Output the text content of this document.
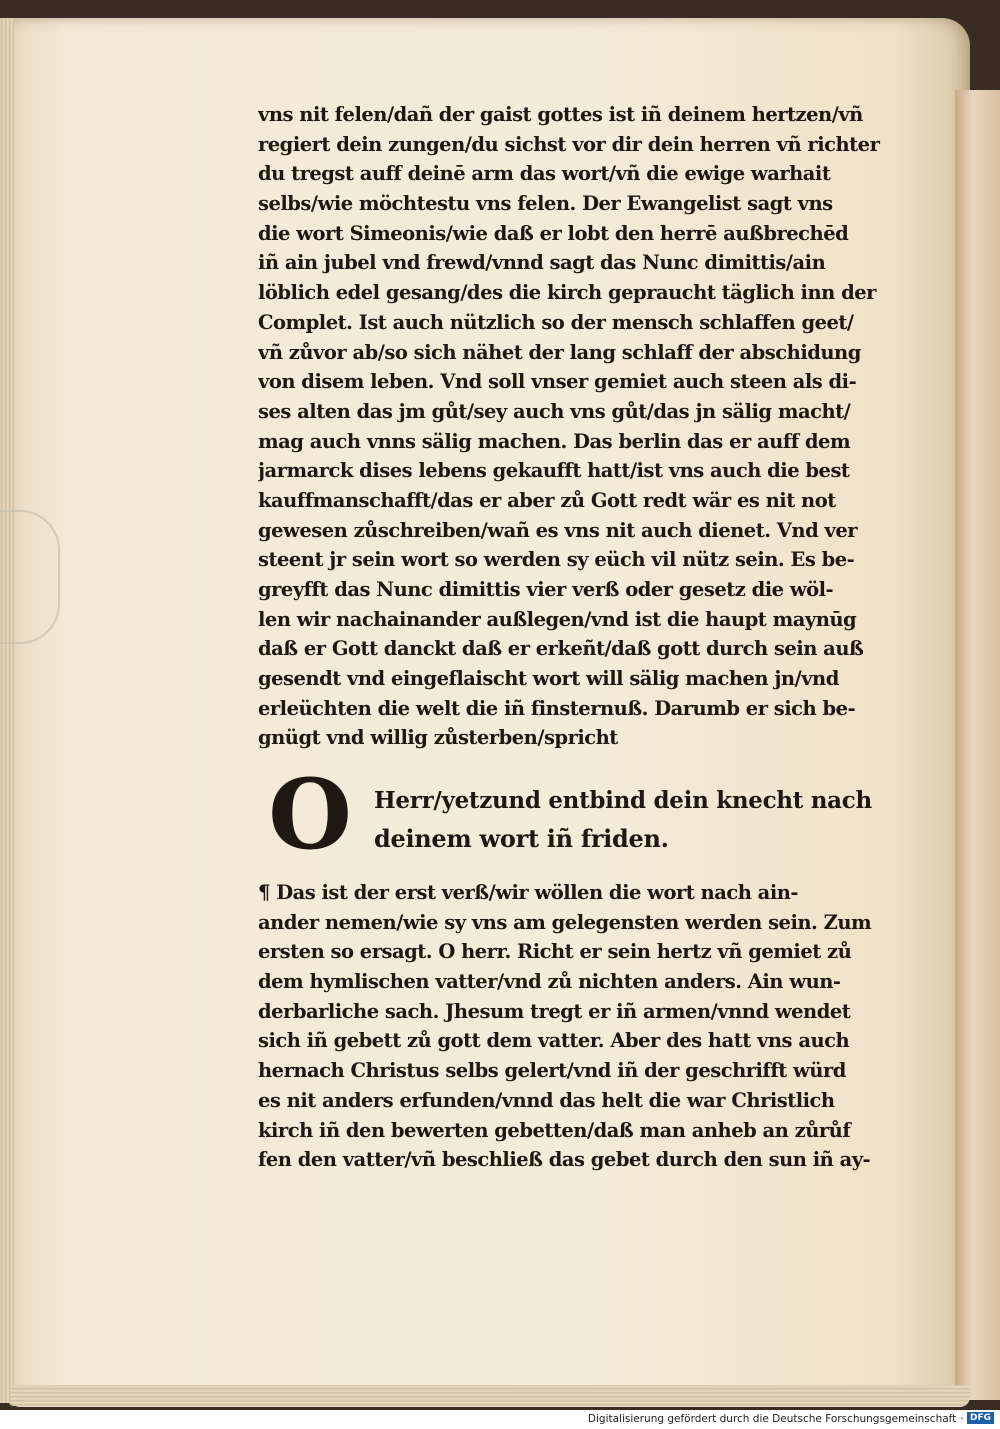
vns nit felen/dañ der gaist gottes ist iñ deinem hertzen/vñ
regiert dein zungen/du sichst vor dir dein herren vñ richter
du tregst auff deinē arm das wort/vñ die ewige warhait
selbs/wie möchtestu vns felen. Der Ewangelist sagt vns
die wort Simeonis/wie daß er lobt den herrē außbrechēd
iñ ain jubel vnd frewd/vnnd sagt das Nunc dimittis/ain
löblich edel gesang/des die kirch gepraucht täglich inn der
Complet. Ist auch nützlich so der mensch schlaffen geet/
vñ zůvor ab/so sich nähet der lang schlaff der abschidung
von disem leben. Vnd soll vnser gemiet auch steen als di-
ses alten das jm gůt/sey auch vns gůt/das jn sälig macht/
mag auch vnns sälig machen. Das berlin das er auff dem
jarmarck dises lebens gekaufft hatt/ist vns auch die best
kauffmanschafft/das er aber zů Gott redt wär es nit not
gewesen zůschreiben/wañ es vns nit auch dienet. Vnd ver
steent jr sein wort so werden sy eüch vil nütz sein. Es be-
greyfft das Nunc dimittis vier verß oder gesetz die wöl-
len wir nachainander außlegen/vnd ist die haupt maynūg
daß er Gott danckt daß er erkeñt/daß gott durch sein auß
gesendt vnd eingeflaischt wort will sälig machen jn/vnd
erleüchten die welt die iñ finsternuß. Darumb er sich be-
gnügt vnd willig zůsterben/spricht
O Herr/yetzund entbind dein knecht nach
deinem wort iñ friden.
¶ Das ist der erst verß/wir wöllen die wort nach ain-
ander nemen/wie sy vns am gelegensten werden sein. Zum
ersten so ersagt. O herr. Richt er sein hertz vñ gemiet zů
dem hymlischen vatter/vnd zů nichten anders. Ain wun-
derbarliche sach. Jhesum tregt er iñ armen/vnnd wendet
sich iñ gebett zů gott dem vatter. Aber des hatt vns auch
hernach Christus selbs gelert/vnd iñ der geschrifft würd
es nit anders erfunden/vnnd das helt die war Christlich
kirch iñ den bewerten gebetten/daß man anheb an zůrůf
fen den vatter/vñ beschließ das gebet durch den sun iñ ay-
Digitalisierung gefördert durch die Deutsche Forschungsgemeinschaft · DFG
